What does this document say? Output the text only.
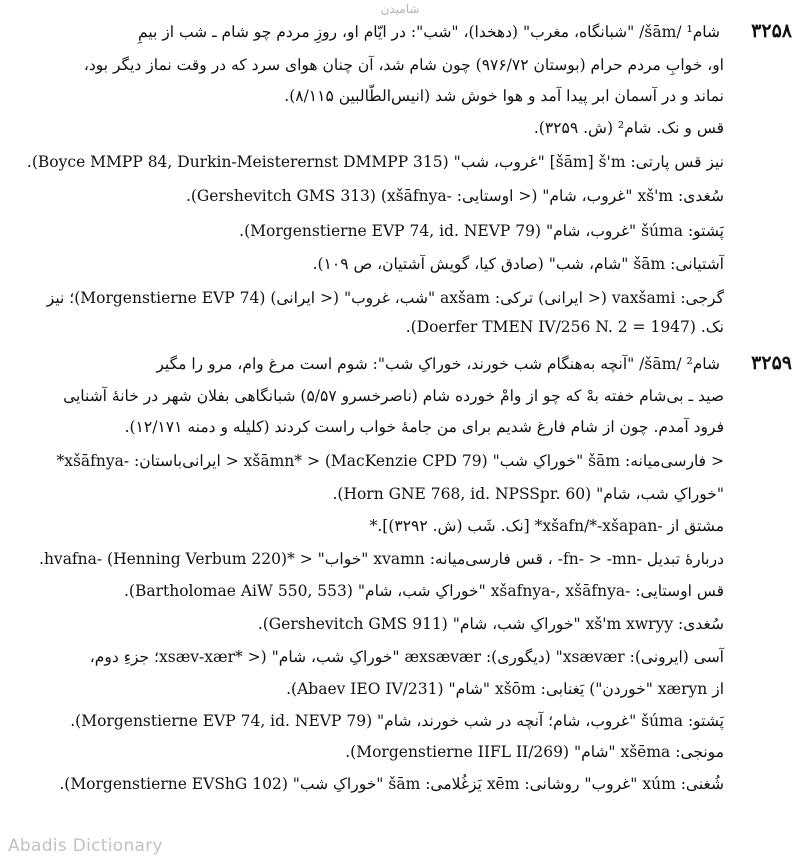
شامیدن
۳۲۵۸
شام¹ /šām/ "شبانگاه، مغرب" (دهخدا)، "شب": در ایّام او، روزِ مردم چو شام ـ شب از بیمِ
او، خوابِ مردم حرام (بوستان ۹۷۶/۷۲) چون شام شد، آن چنان هوای سرد که در وقت نماز دیگر بود،
نماند و در آسمان ابر پیدا آمد و هوا خوش شد (انیس‌الطّالبین ۸/۱۱۵).
قس و نک. شام² (ش. ۳۲۵۹).
نیز قس پارتی: šām] š'm] "غروب، شب" (Boyce MMPP 84, Durkin-Meisterernst DMMPP 315).
سُغدی: xš'm "غروب، شام" (< اوستایی: -xšāfnya) (Gershevitch GMS 313).
پَشتو: šúma "غروب، شام" (Morgenstierne EVP 74, id. NEVP 79).
آشتیانی: šām "شام، شب" (صادق کیا، گویش آشتیان، ص ۱۰۹).
گرجی: vaxšami (< ایرانی) ترکی: axšam "شب، غروب" (< ایرانی) (Morgenstierne EVP 74)؛ نیز
نک. (Doerfer TMEN IV/256 N. 2 = 1947).
۳۲۵۹
شام² /šām/ "آنچه به‌هنگام شب خورند، خوراکِ شب": شوم است مرغ وام، مرو را مگیر
صید ـ بی‌شام خفته بهْ که چو از وامْ خورده شام (ناصرخسرو ۵/۵۷) شبانگاهی بفلان شهر در خانهٔ آشنایی
فرود آمدم. چون از شام فارغ شدیم برای من جامهٔ خواب راست کردند (کلیله و دمنه ۱۲/۱۷۱).
< فارسی‌میانه: šām "خوراکِ شب" (MacKenzie CPD 79) < *xšāmn < ایرانی‌باستان: -xšāfnya*
"خوراکِ شب، شام" (Horn GNE 768, id. NPSSpr. 60).
مشتق از -xšafn/*-xšapan* [نک. شَب (ش. ۳۲۹۲)].*
دربارهٔ تبدیل -fn- > -mn- ، قس فارسی‌میانه: xvamn "خواب" < *hvafna- (Henning Verbum 220).
قس اوستایی: -xšafnya-, xšāfnya "خوراکِ شب، شام" (Bartholomae AiW 550, 553).
سُغدی: xš'm xwryy "خوراکِ شب، شام" (Gershevitch GMS 911).
آسی (ایرونی): xsævær" (دیگوری): æxsævær "خوراکِ شب، شام" (< *xsæv-xær؛ جزءِ دوم،
از xæryn "خوردن") یَغنابی: xšōm "شام" (Abaev IEO IV/231).
پَشتو: šúma "غروب، شام؛ آنچه در شب خورند، شام" (Morgenstierne EVP 74, id. NEVP 79).
مونجی: xšēma "شام" (Morgenstierne IIFL II/269).
شُغنی: xúm "غروب" روشانی: xēm یَزغُلامی: šām "خوراکِ شب" (Morgenstierne EVShG 102).
Abadis Dictionary
